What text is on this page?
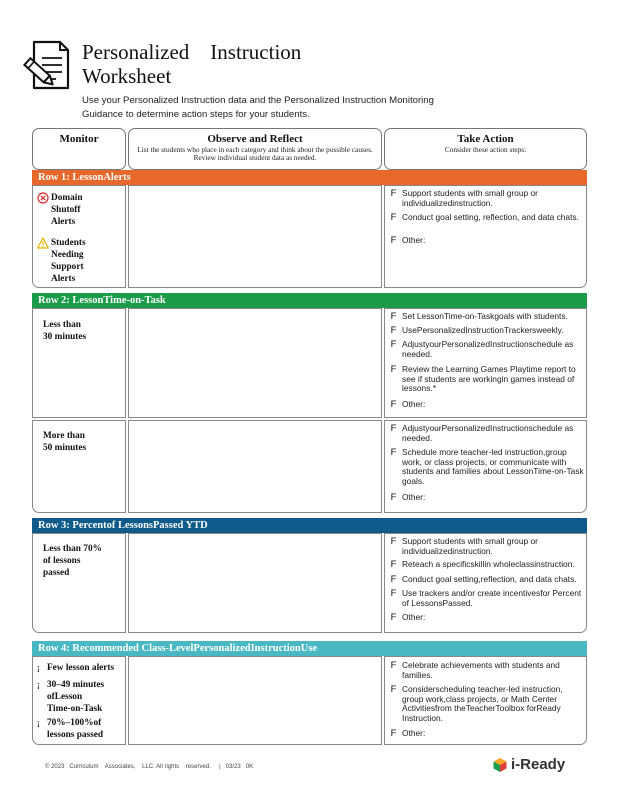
Personalized    Instruction
Worksheet
Use your Personalized Instruction data and the Personalized Instruction Monitoring Guidance to determine action steps for your students.
Monitor	Observe and Reflect
List the students who place in each category and think about the possible causes. Review individual student data as needed.
Take Action
Consider these action steps:
Row 1: LessonAlerts
Domain
Shutoff
Alerts
Students
Needing
Support
Alerts
F Support students with small group or individualizedinstruction.
F Conduct goal setting, reflection, and data chats.
F Other:
Row 2: LessonTime-on-Task
Less than
30 minutes
F Set LessonTime-on-Taskgoals with students.
F UsePersonalizedInstructionTrackersweekly.
F AdjustyourPersonalizedInstructionschedule as needed.
F Review the Learning Games Playtime report to see if students are workingin games instead of lessons.*
F Other:
More than
50 minutes
F AdjustyourPersonalizedInstructionschedule as needed.
F Schedule more teacher-led instruction,group work, or class projects, or communicate with students and families about LessonTime-on-Task goals.
F Other:
Row 3: Percentof LessonsPassed YTD
Less than 70%
of lessons
passed
F Support students with small group or individualizedinstruction.
F Reteach a specificskillin wholeclassinstruction.
F Conduct goal setting,reflection, and data chats.
F Use trackers and/or create incentivesfor Percent of LessonsPassed.
F Other:
Row 4: Recommended Class-LevelPersonalizedInstructionUse
¡ Few lesson alerts
¡ 30–49 minutes
ofLesson
Time-on-Task
¡ 70%–100%of
lessons passed
F Celebrate achievements with students and families.
F Considerscheduling teacher-led instruction, group work,class projects, or Math Center Activitiesfrom theTeacherToolbox forReady Instruction.
F Other:
© 2023   Curriculum    Associates,    LLC. All rights    reserved.     |   03/23   0K	i-Ready
